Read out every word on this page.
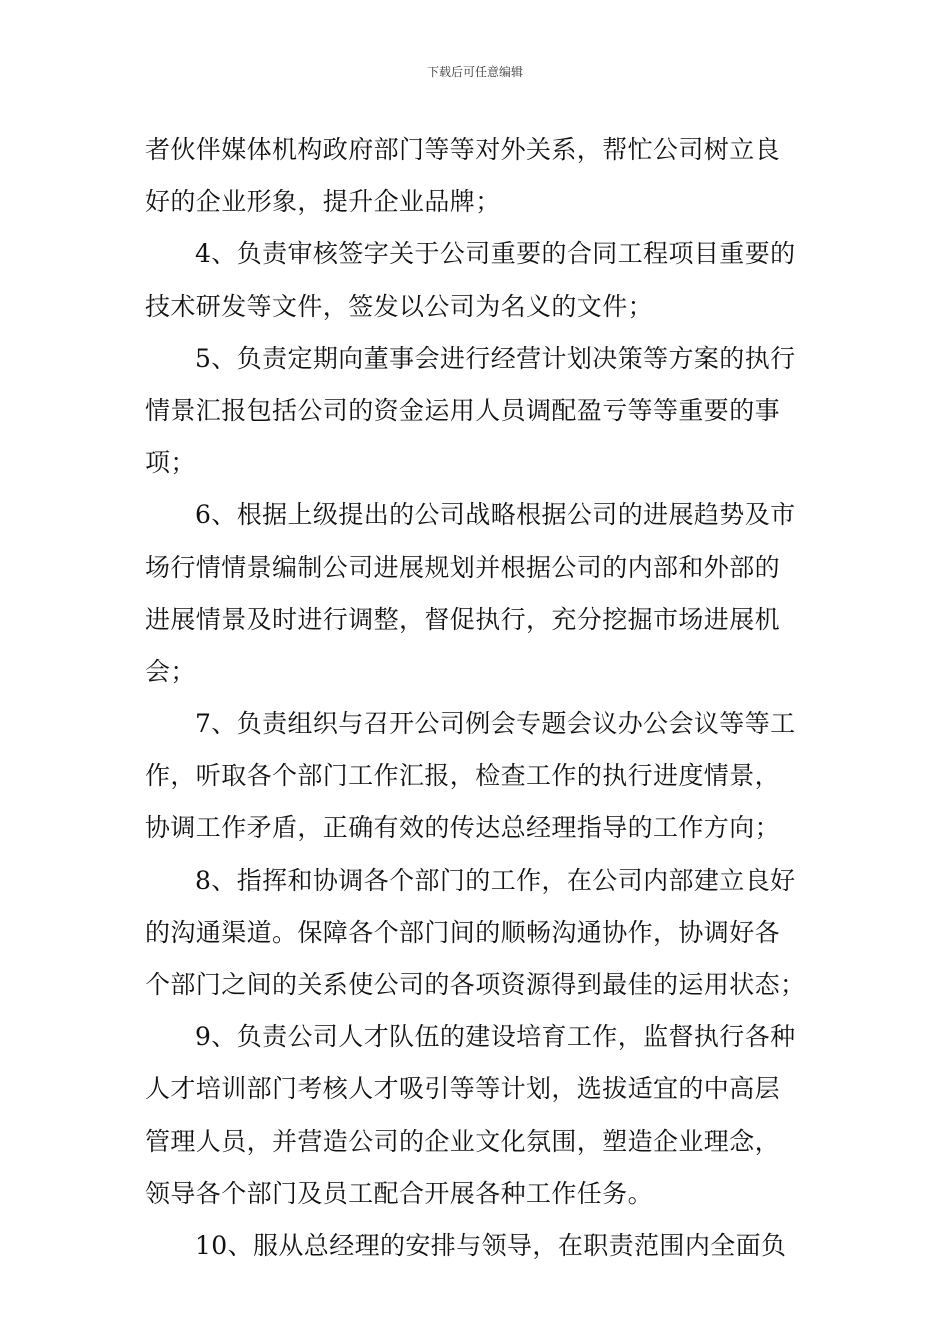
下载后可任意编辑
者伙伴媒体机构政府部门等等对外关系，帮忙公司树立良
好的企业形象，提升企业品牌；
4、负责审核签字关于公司重要的合同工程项目重要的
技术研发等文件，签发以公司为名义的文件；
5、负责定期向董事会进行经营计划决策等方案的执行
情景汇报包括公司的资金运用人员调配盈亏等等重要的事
项；
6、根据上级提出的公司战略根据公司的进展趋势及市
场行情情景编制公司进展规划并根据公司的内部和外部的
进展情景及时进行调整，督促执行，充分挖掘市场进展机
会；
7、负责组织与召开公司例会专题会议办公会议等等工
作，听取各个部门工作汇报，检查工作的执行进度情景，
协调工作矛盾，正确有效的传达总经理指导的工作方向；
8、指挥和协调各个部门的工作，在公司内部建立良好
的沟通渠道。保障各个部门间的顺畅沟通协作，协调好各
个部门之间的关系使公司的各项资源得到最佳的运用状态；
9、负责公司人才队伍的建设培育工作，监督执行各种
人才培训部门考核人才吸引等等计划，选拔适宜的中高层
管理人员，并营造公司的企业文化氛围，塑造企业理念，
领导各个部门及员工配合开展各种工作任务。
10、服从总经理的安排与领导，在职责范围内全面负
